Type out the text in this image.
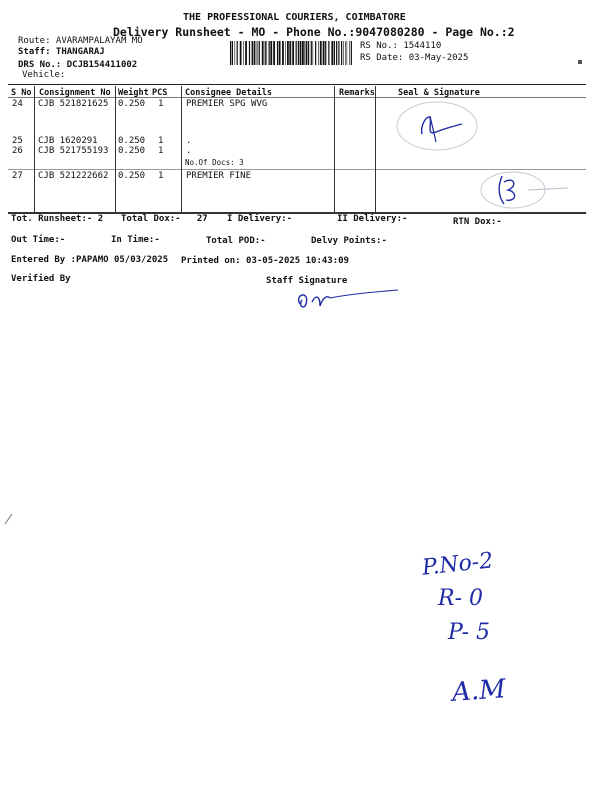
THE PROFESSIONAL COURIERS, COIMBATORE
Delivery Runsheet - MO - Phone No.:9047080280 - Page No.:2
Route: AVARAMPALAYAM MO
Staff: THANGARAJ
DRS No.: DCJB154411002
Vehicle:
RS No.: 1544110
RS Date: 03-May-2025
S No Consignment No Weight PCS Consignee Details	Remarks	Seal & Signature
24 CJB 521821625 0.250 1	PREMIER SPG WVG
25 CJB 1620291 0.250 1	.
26 CJB 521755193 0.250 1	.
No.Of Docs: 3
27 CJB 521222662 0.250 1	PREMIER FINE
Tot. Runsheet:- 2 Total Dox:-   27 I Delivery:-	II Delivery:-	RTN Dox:-
Out Time:-	In Time:-	Total POD:-	Delvy Points:-
Entered By :PAPAMO 05/03/2025 Printed on: 03-05-2025 10:43:09
Verified By	Staff Signature
P.No-2
R- 0
P- 5
A.M
